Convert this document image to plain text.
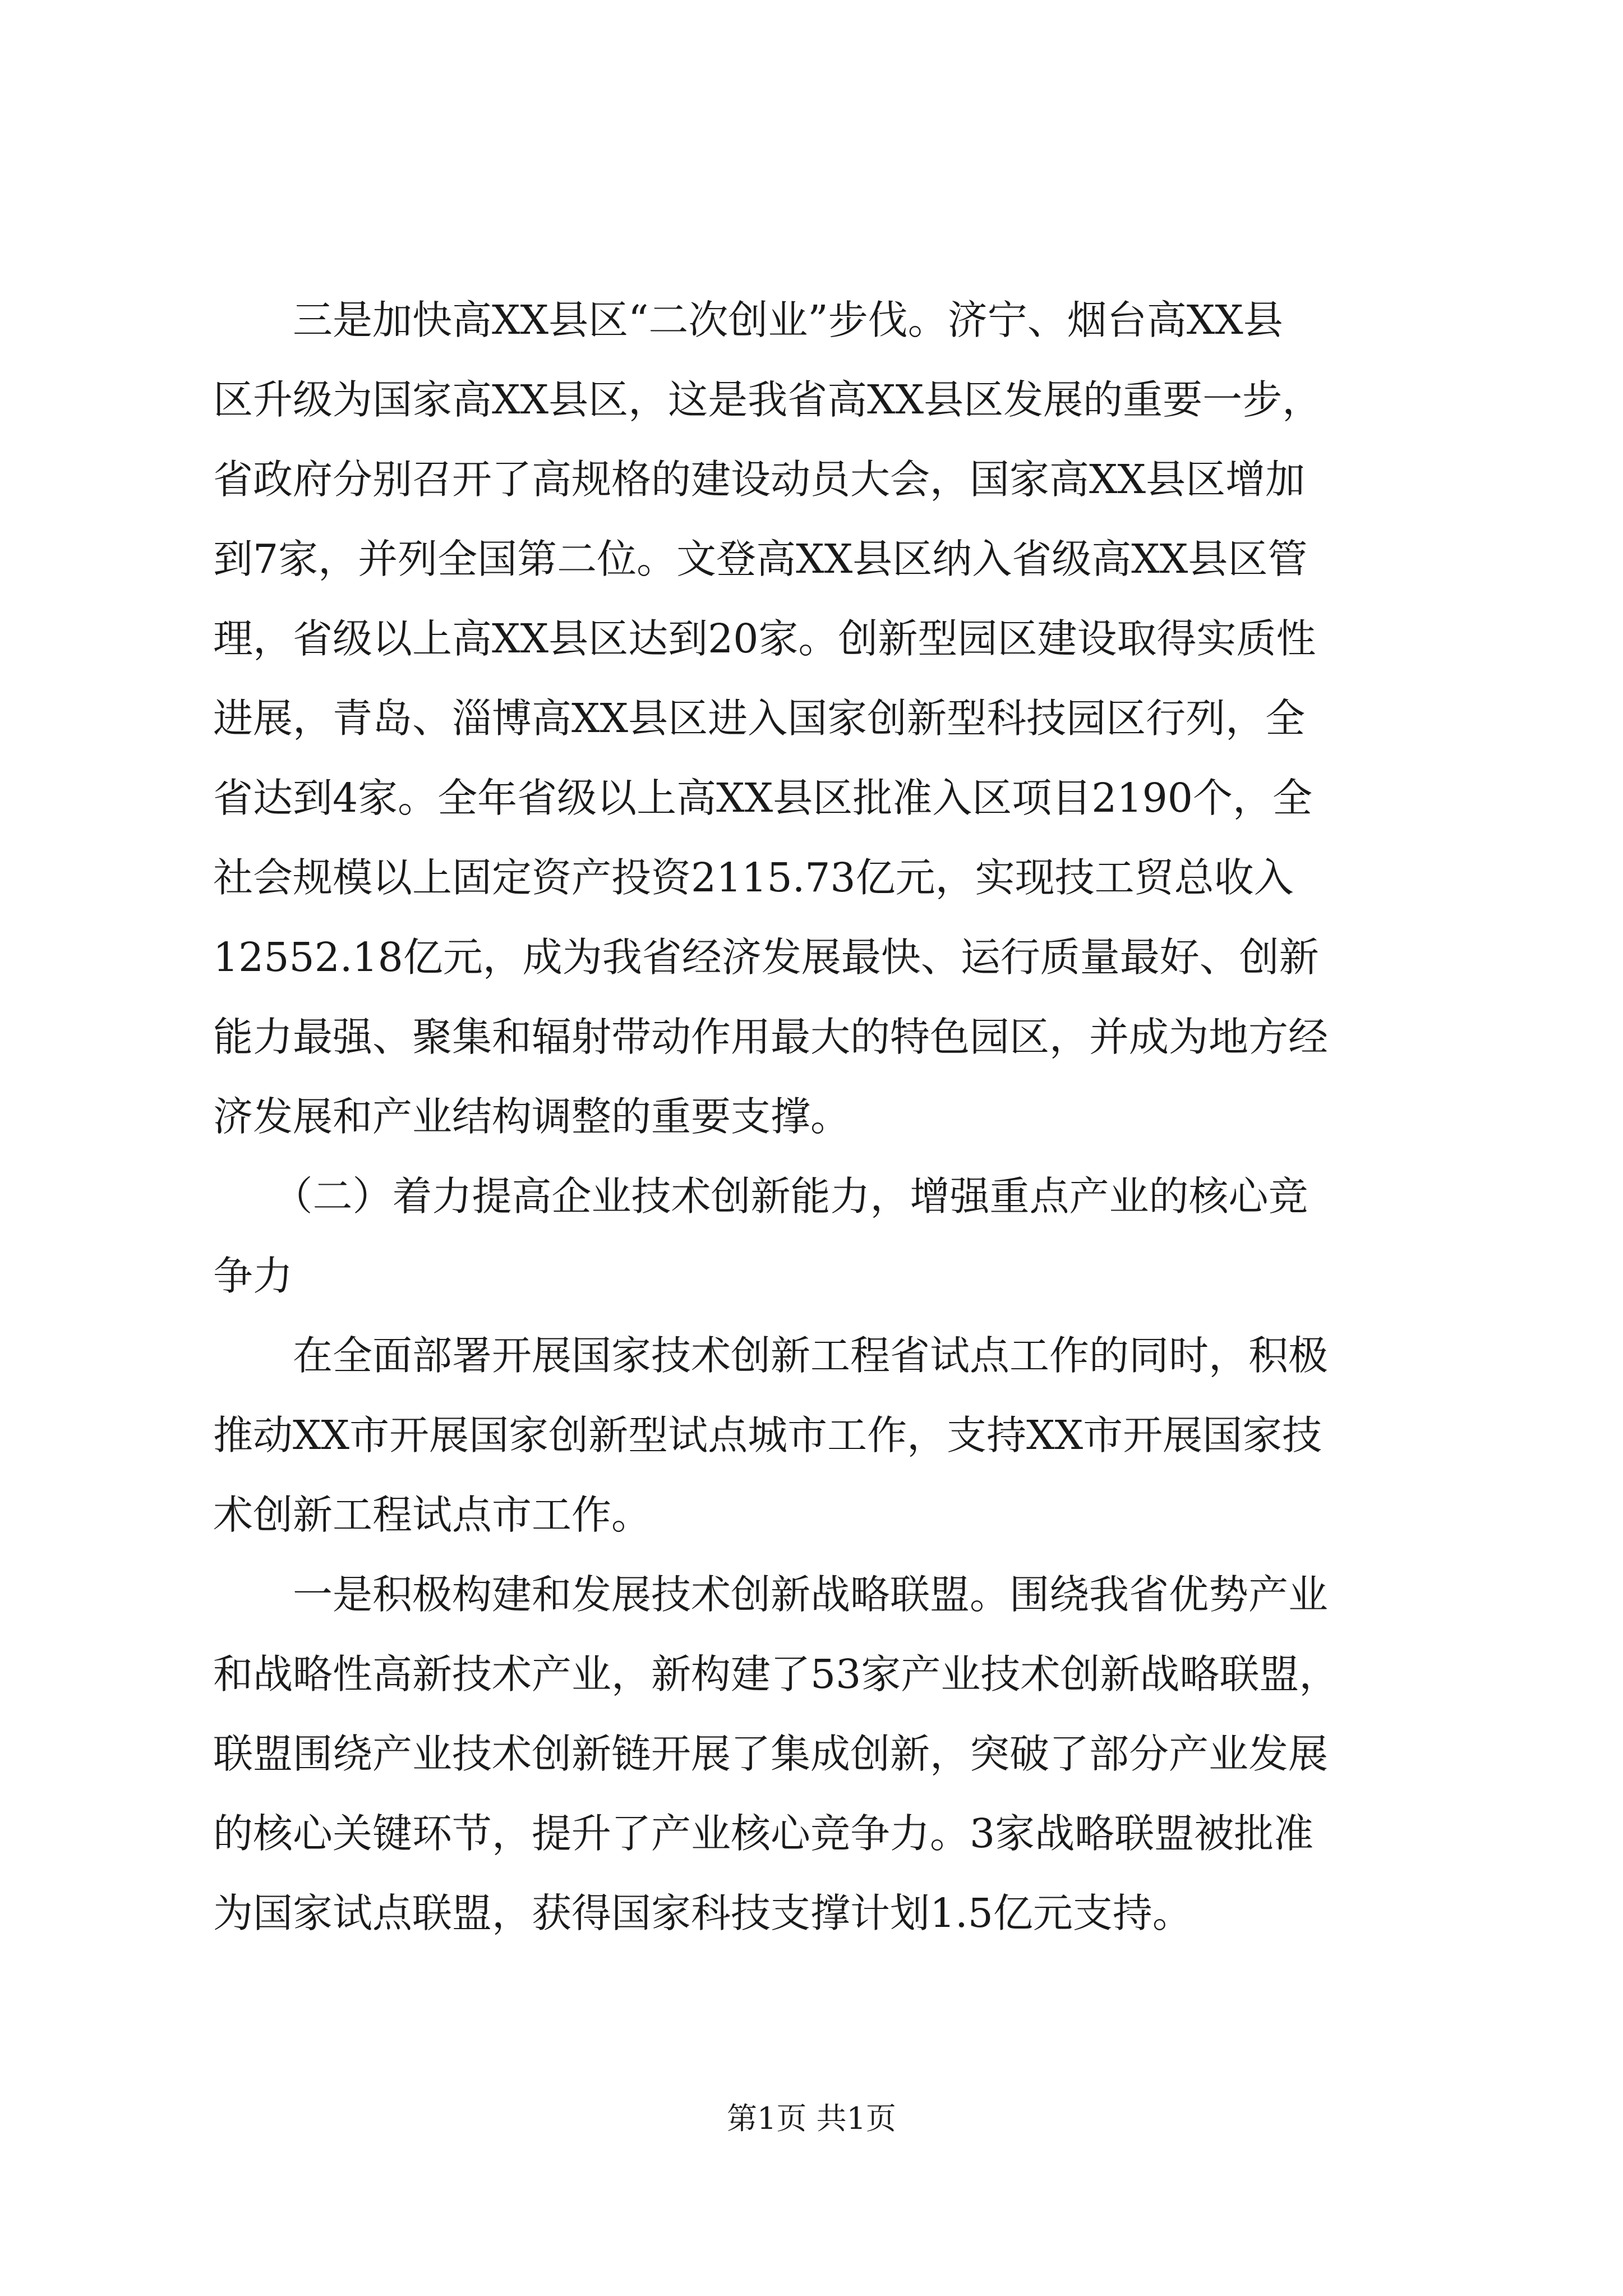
　　三是加快高XX县区“二次创业”步伐。济宁、烟台高XX县
区升级为国家高XX县区，这是我省高XX县区发展的重要一步，
省政府分别召开了高规格的建设动员大会，国家高XX县区增加
到7家，并列全国第二位。文登高XX县区纳入省级高XX县区管
理，省级以上高XX县区达到20家。创新型园区建设取得实质性
进展，青岛、淄博高XX县区进入国家创新型科技园区行列，全
省达到4家。全年省级以上高XX县区批准入区项目2190个，全
社会规模以上固定资产投资2115.73亿元，实现技工贸总收入
12552.18亿元，成为我省经济发展最快、运行质量最好、创新
能力最强、聚集和辐射带动作用最大的特色园区，并成为地方经
济发展和产业结构调整的重要支撑。
　　（二）着力提高企业技术创新能力，增强重点产业的核心竞
争力
　　在全面部署开展国家技术创新工程省试点工作的同时，积极
推动XX市开展国家创新型试点城市工作，支持XX市开展国家技
术创新工程试点市工作。
　　一是积极构建和发展技术创新战略联盟。围绕我省优势产业
和战略性高新技术产业，新构建了53家产业技术创新战略联盟，
联盟围绕产业技术创新链开展了集成创新，突破了部分产业发展
的核心关键环节，提升了产业核心竞争力。3家战略联盟被批准
为国家试点联盟，获得国家科技支撑计划1.5亿元支持。
第1页 共1页
